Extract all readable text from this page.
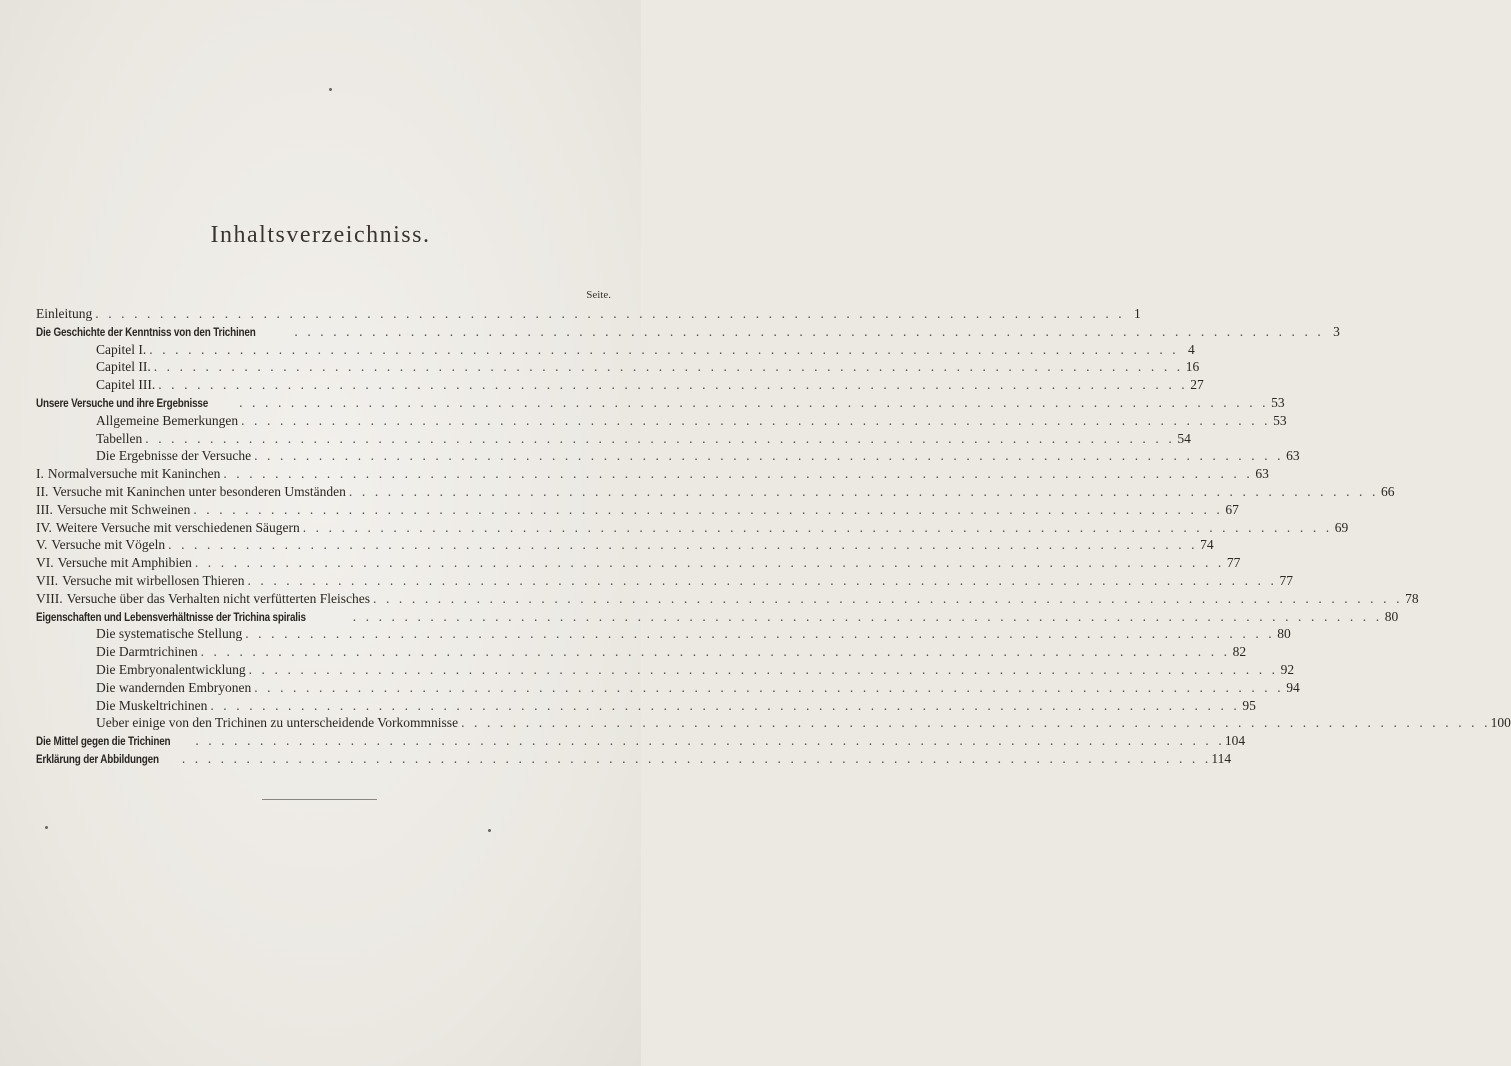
Inhaltsverzeichniss.
Seite.
Einleitung . . . . . . . . . . . . . . . . . . . . . . . . . . . . . . . . . . . . . . . . . . . . . . . . . . . . . . . . . . . . . . . . . . . . . . . . . . . . . . . . 1
Die Geschichte der Kenntniss von den Trichinen	. . . . . . . . . . . . . . . . . . . . . . . . . . . . . . . . . . . . . . . . . . . . . . . . . . . . . . . . . . . . . . . . . . . . . . . . . . . . . . . . 3
Capitel I. . . . . . . . . . . . . . . . . . . . . . . . . . . . . . . . . . . . . . . . . . . . . . . . . . . . . . . . . . . . . . . . . . . . . . . . . . . . . . . . . 4
Capitel II. . . . . . . . . . . . . . . . . . . . . . . . . . . . . . . . . . . . . . . . . . . . . . . . . . . . . . . . . . . . . . . . . . . . . . . . . . . . . . . . . 16
Capitel III. . . . . . . . . . . . . . . . . . . . . . . . . . . . . . . . . . . . . . . . . . . . . . . . . . . . . . . . . . . . . . . . . . . . . . . . . . . . . . . . . 27
Unsere Versuche und ihre Ergebnisse . . . . . . . . . . . . . . . . . . . . . . . . . . . . . . . . . . . . . . . . . . . . . . . . . . . . . . . . . . . . . . . . . . . . . . . . . . . . . . . . 53
Allgemeine Bemerkungen . . . . . . . . . . . . . . . . . . . . . . . . . . . . . . . . . . . . . . . . . . . . . . . . . . . . . . . . . . . . . . . . . . . . . . . . . . . . . . . . 53
Tabellen . . . . . . . . . . . . . . . . . . . . . . . . . . . . . . . . . . . . . . . . . . . . . . . . . . . . . . . . . . . . . . . . . . . . . . . . . . . . . . . . 54
Die Ergebnisse der Versuche . . . . . . . . . . . . . . . . . . . . . . . . . . . . . . . . . . . . . . . . . . . . . . . . . . . . . . . . . . . . . . . . . . . . . . . . . . . . . . . . 63
I. Normalversuche mit Kaninchen . . . . . . . . . . . . . . . . . . . . . . . . . . . . . . . . . . . . . . . . . . . . . . . . . . . . . . . . . . . . . . . . . . . . . . . . . . . . . . . . 63
II. Versuche mit Kaninchen unter besonderen Umständen . . . . . . . . . . . . . . . . . . . . . . . . . . . . . . . . . . . . . . . . . . . . . . . . . . . . . . . . . . . . . . . . . . . . . . . . . . . . . . . . 66
III. Versuche mit Schweinen . . . . . . . . . . . . . . . . . . . . . . . . . . . . . . . . . . . . . . . . . . . . . . . . . . . . . . . . . . . . . . . . . . . . . . . . . . . . . . . . 67
IV. Weitere Versuche mit verschiedenen Säugern . . . . . . . . . . . . . . . . . . . . . . . . . . . . . . . . . . . . . . . . . . . . . . . . . . . . . . . . . . . . . . . . . . . . . . . . . . . . . . . . 69
V. Versuche mit Vögeln . . . . . . . . . . . . . . . . . . . . . . . . . . . . . . . . . . . . . . . . . . . . . . . . . . . . . . . . . . . . . . . . . . . . . . . . . . . . . . . . 74
VI. Versuche mit Amphibien . . . . . . . . . . . . . . . . . . . . . . . . . . . . . . . . . . . . . . . . . . . . . . . . . . . . . . . . . . . . . . . . . . . . . . . . . . . . . . . . 77
VII. Versuche mit wirbellosen Thieren . . . . . . . . . . . . . . . . . . . . . . . . . . . . . . . . . . . . . . . . . . . . . . . . . . . . . . . . . . . . . . . . . . . . . . . . . . . . . . . . 77
VIII. Versuche über das Verhalten nicht verfütterten Fleisches . . . . . . . . . . . . . . . . . . . . . . . . . . . . . . . . . . . . . . . . . . . . . . . . . . . . . . . . . . . . . . . . . . . . . . . . . . . . . . . . 78
Eigenschaften und Lebensverhältnisse der Trichina spiralis	. . . . . . . . . . . . . . . . . . . . . . . . . . . . . . . . . . . . . . . . . . . . . . . . . . . . . . . . . . . . . . . . . . . . . . . . . . . . . . . . 80
Die systematische Stellung . . . . . . . . . . . . . . . . . . . . . . . . . . . . . . . . . . . . . . . . . . . . . . . . . . . . . . . . . . . . . . . . . . . . . . . . . . . . . . . . 80
Die Darmtrichinen . . . . . . . . . . . . . . . . . . . . . . . . . . . . . . . . . . . . . . . . . . . . . . . . . . . . . . . . . . . . . . . . . . . . . . . . . . . . . . . . 82
Die Embryonalentwicklung . . . . . . . . . . . . . . . . . . . . . . . . . . . . . . . . . . . . . . . . . . . . . . . . . . . . . . . . . . . . . . . . . . . . . . . . . . . . . . . . 92
Die wandernden Embryonen . . . . . . . . . . . . . . . . . . . . . . . . . . . . . . . . . . . . . . . . . . . . . . . . . . . . . . . . . . . . . . . . . . . . . . . . . . . . . . . . 94
Die Muskeltrichinen . . . . . . . . . . . . . . . . . . . . . . . . . . . . . . . . . . . . . . . . . . . . . . . . . . . . . . . . . . . . . . . . . . . . . . . . . . . . . . . . 95
Ueber einige von den Trichinen zu unterscheidende Vorkommnisse . . . . . . . . . . . . . . . . . . . . . . . . . . . . . . . . . . . . . . . . . . . . . . . . . . . . . . . . . . . . . . . . . . . . . . . . . . . . . . . . 100
Die Mittel gegen die Trichinen . . . . . . . . . . . . . . . . . . . . . . . . . . . . . . . . . . . . . . . . . . . . . . . . . . . . . . . . . . . . . . . . . . . . . . . . . . . . . . . . 104
Erklärung der Abbildungen . . . . . . . . . . . . . . . . . . . . . . . . . . . . . . . . . . . . . . . . . . . . . . . . . . . . . . . . . . . . . . . . . . . . . . . . . . . . . . . . 114
